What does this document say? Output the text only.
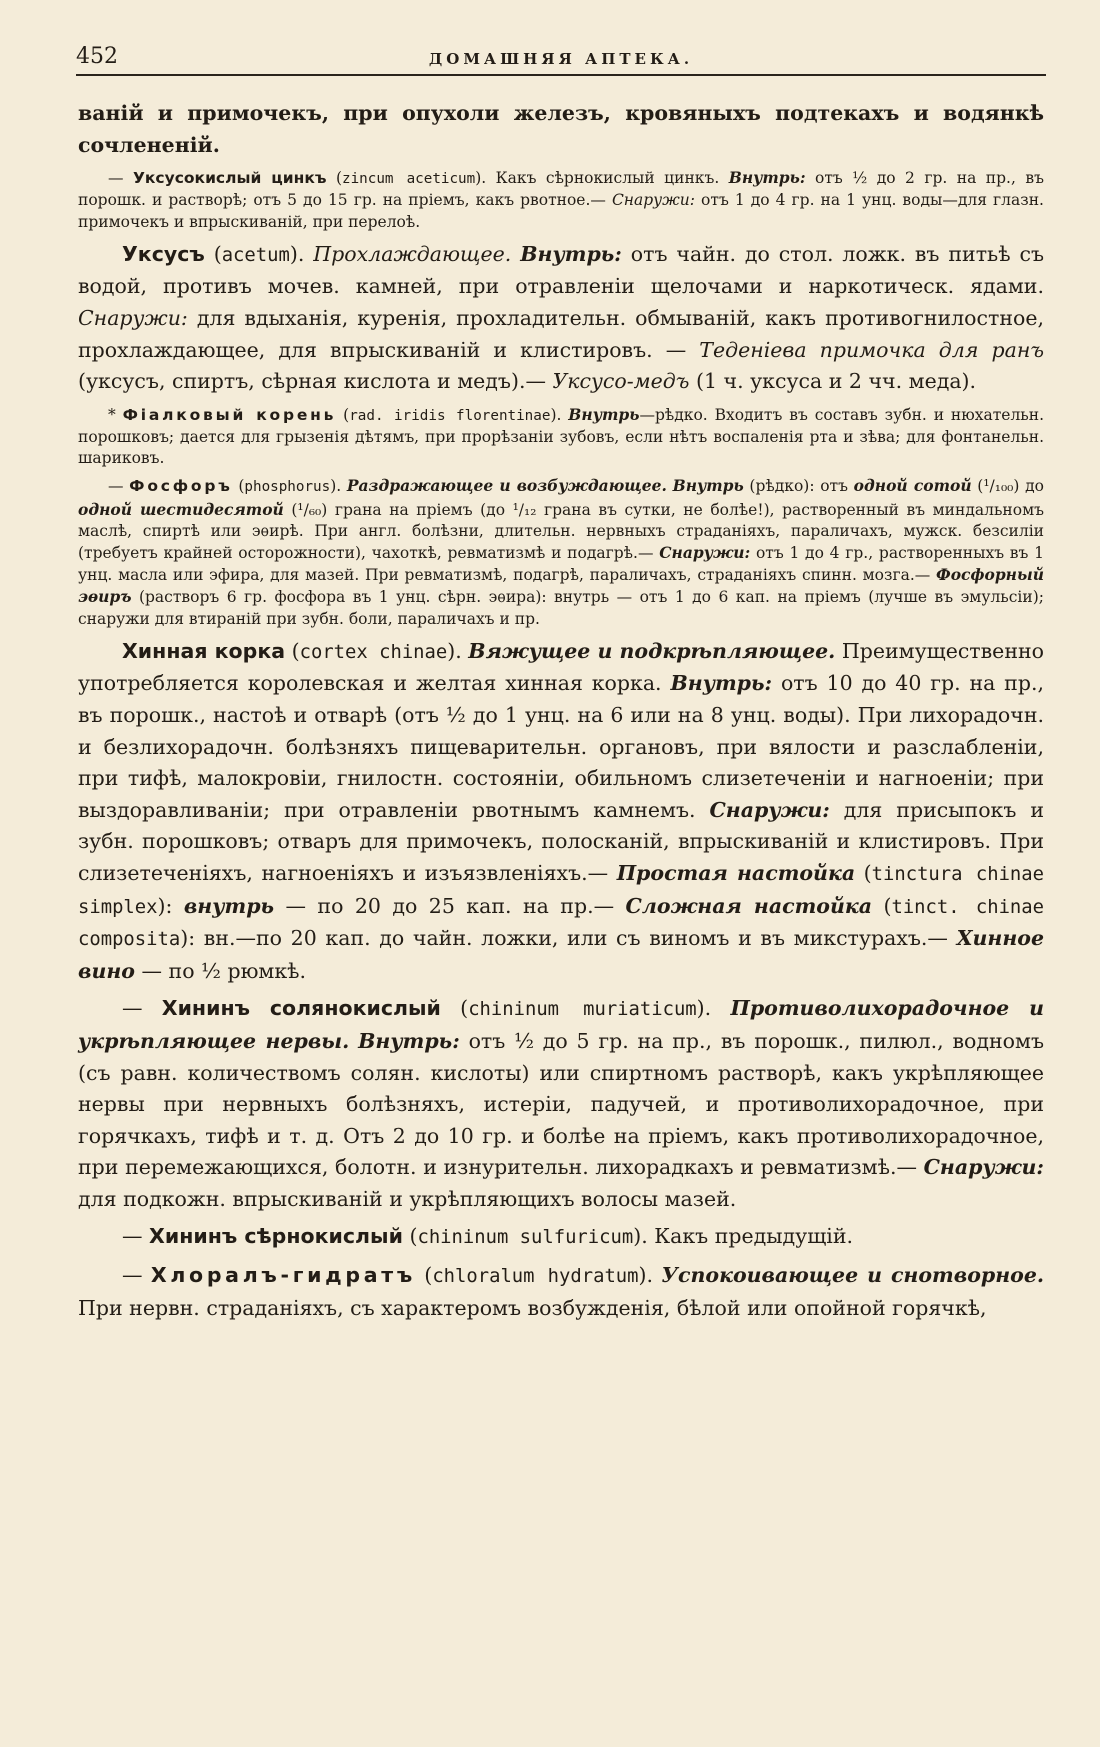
452	ДОМАШНЯЯ АПТЕКА.

ваній и примочекъ, при опухоли железъ, кровяныхъ подтекахъ и водянкѣ сочлененій.

— Уксусокислый цинкъ (zincum aceticum). Какъ сѣрнокислый цинкъ. Внутрь: отъ ½ до 2 гр. на пр., въ порошк. и растворѣ; отъ 5 до 15 гр. на пріемъ, какъ рвотное.— Снаружи: отъ 1 до 4 гр. на 1 унц. воды—для глазн. примочекъ и впрыскиваній, при перелоѣ.

Уксусъ (acetum). Прохлаждающее. Внутрь: отъ чайн. до стол. ложк. въ питьѣ съ водой, противъ мочев. камней, при отравленіи щелочами и наркотическ. ядами. Снаружи: для вдыханія, куренія, прохладительн. обмываній, какъ противогнилостное, прохлаждающее, для впрыскиваній и клистировъ. — Теденіева примочка для ранъ (уксусъ, спиртъ, сѣрная кислота и медъ).— Уксусо-медъ (1 ч. уксуса и 2 чч. меда).

* Фіалковый корень (rad. iridis florentinae). Внутрь—рѣдко. Входитъ въ составъ зубн. и нюхательн. порошковъ; дается для грызенія дѣтямъ, при прорѣзаніи зубовъ, если нѣтъ воспаленія рта и зѣва; для фонтанельн. шариковъ.

— Фосфоръ (phosphorus). Раздражающее и возбуждающее. Внутрь (рѣдко): отъ одной сотой (¹/₁₀₀) до одной шестидесятой (¹/₆₀) грана на пріемъ (до ¹/₁₂ грана въ сутки, не болѣе!), растворенный въ миндальномъ маслѣ, спиртѣ или эѳирѣ. При англ. болѣзни, длительн. нервныхъ страданіяхъ, параличахъ, мужск. безсиліи (требуетъ крайней осторожности), чахоткѣ, ревматизмѣ и подагрѣ.— Снаружи: отъ 1 до 4 гр., растворенныхъ въ 1 унц. масла или эфира, для мазей. При ревматизмѣ, подагрѣ, параличахъ, страданіяхъ спинн. мозга.— Фосфорный эѳиръ (растворъ 6 гр. фосфора въ 1 унц. сѣрн. эѳира): внутрь — отъ 1 до 6 кап. на пріемъ (лучше въ эмульсіи); снаружи для втираній при зубн. боли, параличахъ и пр.

Хинная корка (cortex chinae). Вяжущее и подкрѣпляющее. Преимущественно употребляется королевская и желтая хинная корка. Внутрь: отъ 10 до 40 гр. на пр., въ порошк., настоѣ и отварѣ (отъ ½ до 1 унц. на 6 или на 8 унц. воды). При лихорадочн. и безлихорадочн. болѣзняхъ пищеварительн. органовъ, при вялости и разслабленіи, при тифѣ, малокровіи, гнилостн. состояніи, обильномъ слизетеченіи и нагноеніи; при выздоравливаніи; при отравленіи рвотнымъ камнемъ. Снаружи: для присыпокъ и зубн. порошковъ; отваръ для примочекъ, полосканій, впрыскиваній и клистировъ. При слизетеченіяхъ, нагноеніяхъ и изъязвленіяхъ.— Простая настойка (tinctura chinae simplex): внутрь — по 20 до 25 кап. на пр.— Сложная настойка (tinct. chinae composita): вн.—по 20 кап. до чайн. ложки, или съ виномъ и въ микстурахъ.— Хинное вино — по ½ рюмкѣ.

— Хининъ солянокислый (chininum muriaticum). Противолихорадочное и укрѣпляющее нервы. Внутрь: отъ ½ до 5 гр. на пр., въ порошк., пилюл., водномъ (съ равн. количествомъ солян. кислоты) или спиртномъ растворѣ, какъ укрѣпляющее нервы при нервныхъ болѣзняхъ, истеріи, падучей, и противолихорадочное, при горячкахъ, тифѣ и т. д. Отъ 2 до 10 гр. и болѣе на пріемъ, какъ противолихорадочное, при перемежающихся, болотн. и изнурительн. лихорадкахъ и ревматизмѣ.— Снаружи: для подкожн. впрыскиваній и укрѣпляющихъ волосы мазей.

— Хининъ сѣрнокислый (chininum sulfuricum). Какъ предыдущій.

— Хлоралъ-гидратъ (chloralum hydratum). Успокоивающее и снотворное. При нервн. страданіяхъ, съ характеромъ возбужденія, бѣлой или опойной горячкѣ,
